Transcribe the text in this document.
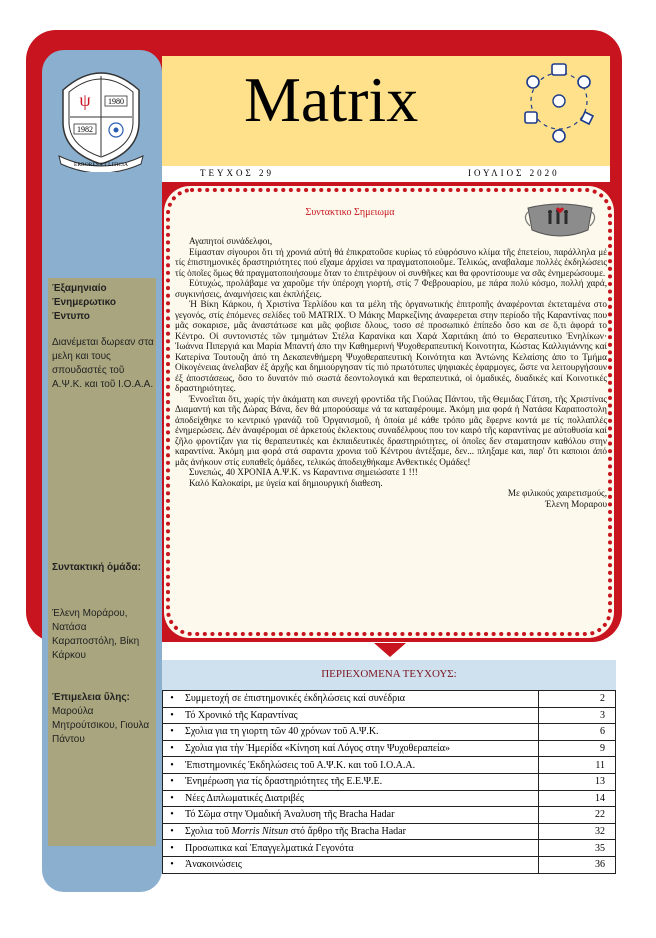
ψ 1980
1982
ERRORES ET LITICIA
Matrix
ΤΕΥΧΟΣ 29	ΙΟΥΛΙΟΣ 2020
Συντακτικο Σημειωμα

Αγαπητοί συνάδελφοι,

Είμασταν σίγουροι ὅτι τή χρονιά αὐτή θά ἐπικρατοῦσε κυρίως τό εὐφρόσυνο κλίμα τῆς ἐπετείου, παράλληλα μέ τίς ἐπιστημονικές δραστηριότητες πού εἴχαμε ἀρχίσει να πραγματοποιοῦμε. Τελικώς, αναβαλαμε πολλές ἐκδηλώσεις τίς ὁποῖες ὅμως θά πραγματοποιήσουμε ὅταν το ἐπιτρέψουν οἱ συνθῆκες και θα φροντίσουμε να σᾶς ἐνημερώσουμε.

Εὐτυχώς, προλάβαμε να χαροῦμε τήν ὑπέροχη γιορτή, στίς 7 Φεβρουαρίου, με πάρα πολύ κόσμο, πολλή χαρά, συγκινήσεις, ἀναμνήσεις και ἐκπλήξεις.

Ἡ Βίκη Κάρκου, ἡ Χριστίνα Τερλίδου και τα μέλη τῆς ὀργανωτικής ἐπιτροπῆς ἀναφέρονται ἐκτεταμένα στο γεγονός, στίς ἐπόμενες σελίδες τοῦ MATRIX. Ὁ Μάκης Μαρκεζίνης ἀναφερεται στην περίοδο τῆς Καραντίνας που μᾶς σοκαρισε, μᾶς ἀναστάτωσε και μᾶς φοβισε ὅλους, τοσο σέ προσωπικό ἐπίπεδο ὅσο και σε ὅ,τι ἀφορά το Κέντρο. Οἱ συντονιστές τῶν τμημάτων Στέλα Καρανίκα και Χαρά Χαριτάκη ἀπό το Θεραπευτικο Ἐνηλίκων· Ἰωάννα Πιπεργιά και Μαρία Μπαντή ἀπο την Καθημερινή Ψυχοθεραπευτική Κοινοτητα, Κώστας Καλλιγιάννης καί Κατερίνα Τουτουζη ἀπό τη Δεκαπενθήμερη Ψυχοθεραπευτική Κοινότητα και Ἀντώνης Κελαίσης ἀπο το Τμήμα Οἰκογένειας ἀνελαβαν ἐξ ἀρχῆς και δημιούργησαν τίς πιό πρωτότυπες ψηφιακές ἐφαρμογες, ὥστε να λειτουργήσουν ἐξ ἀποστάσεως, ὅσο το δυνατόν πιό σωστά δεοντολογικά και θεραπευτικά, οἱ ὁμαδικές, δυαδικές καί Κοινοτικές δραστηριότητες.

Έννοεῖται ὅτι, χωρίς τήν ἀκάματη και συνεχή φροντίδα τῆς Γιούλας Πάντου, τῆς Θεμιδας Γάτση, τῆς Χριστίνας Διαμαντή και τῆς Δώρας Βάνα, δεν θά μπορούσαμε νά τα καταφέρουμε. Ἀκόμη μια φορά ἡ Νατάσα Καραποστολη ἀποδείχθηκε το κεντρικό γρανάζι τοῦ Ὀργανισμοῦ, ἡ ὁποία μέ κάθε τρόπο μᾶς ἔφερνε κοντά με τίς πολλαπλές ἐνημερώσεις. Δέν ἀναφέρομαι σέ ἀρκετούς ἐκλεκτους συναδέλφους που τον καιρό τῆς καραντίνας με αὐτοθυσία καί ζῆλο φροντίζαν για τίς θεραπευτικές και ἐκπαιδευτικές δραστηριότητες, οἱ ὁποῖες δεν σταματησαν καθόλου στην καραντίνα. Ἀκόμη μια φορά στά σαραντα χρονια τοῦ Κέντρου ἀντέξαμε, δεν... πληξαμε και, παρ' ὅτι καποιοι ἀπό μᾶς ἀνήκουν στίς ευπαθεῖς ὁμάδες, τελικώς ἀποδειχθήκαμε Ανθεκτικές Ομάδες!

Συνεπώς, 40 ΧΡΟΝΙΑ Α.Ψ.Κ. vs Καραντινα σημειώσατε 1 !!!

Καλό Καλοκαίρι, με ὑγεία καί δημιουργική διαθεση.

Με φιλικούς χαιρετισμούς,

Έλενη Μοραρου

Έξαμηνιαίο Ένημερωτικο Έντυπο
Διανέμεται δωρεαν στα μελη και τους σπουδαστές τοῦ Α.Ψ.Κ. και τοῦ Ι.Ο.Α.Α.
Συντακτική ὁμάδα:
Έλενη Μοράρου, Νατάσα Καραποστόλη, Βίκη Κάρκου
Έπιμελεια ὕλης:
Μαρούλα Μητρούτσικου, Γιουλα Πάντου
ΠΕΡΙΕΧΟΜΕΝΑ ΤΕΥΧΟΥΣ:
•	Συμμετοχή σε ἐπιστημονικές ἐκδηλώσεις καί συνέδρια	2
•	Τό Χρονικό τῆς Καραντίνας	3
•	Σχολια για τη γιορτη τῶν 40 χρόνων τοῦ Α.Ψ.Κ.	6
•	Σχολια για τὴν Ἡμερίδα «Κίνηση καί Λόγος στην Ψυχοθεραπεία»	9
•	Ἐπιστημονικές Ἐκδηλώσεις τοῦ Α.Ψ.Κ. και τοῦ Ι.Ο.Α.Α.	11
•	Ἐνημέρωση για τίς δραστηριότητες τῆς Ε.Ε.Ψ.Ε.	13
•	Νέες Διπλωματικές Διατριβές	14
•	Τό Σῶμα στην Ὁμαδική Ἀναλυση τῆς Bracha Hadar	22
•	Σχολια τοῦ Morris Nitsun στό ἄρθρο τῆς Bracha Hadar	32
•	Προσωπικα καί Ἐπαγγελματικά Γεγονότα	35
•	Ἀνακοινώσεις	36
